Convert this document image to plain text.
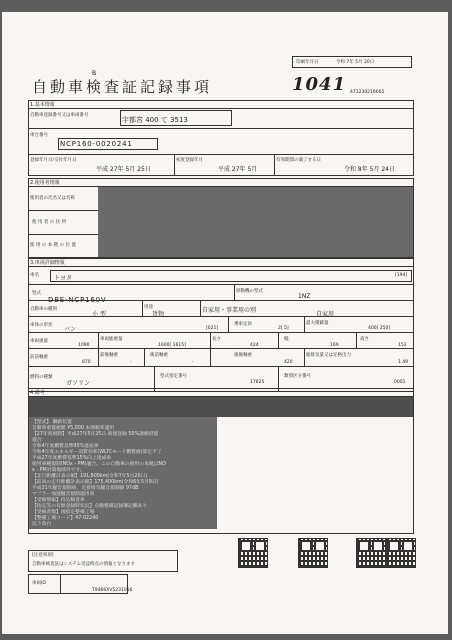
B
自動車検査証記録事項	1041
印刷年月日	令和 7年 5月 20日
471230216665
1.基本情報
自動車登録番号又は車両番号
宇都宮 400 て 3513
車台番号
NCP160-0020241
登録年月日/交付年月日
平成 27年 5月 25日
初度登録年月
平成 27年 5月
有効期間の満了する日
令和 8年 5月 24日
2.使用者情報
使用者の氏名又は名称
使 用 者 の 住 所
使 用 の 本 拠 の 位 置
3.車両詳細情報
車名	トヨタ	[194]
型式
DBE-NCP160V
原動機の型式
1NZ
自動車の種別
小 型
用途
貨物
自家用・事業用の別
自家用
車体の形状
バン	[021]
乗車定員
2[ 5]
最大積載量
400[ 250]
車両重量
1090
車両総重量
1600[ 1615]
長さ
424
幅
169
高さ
152
前前軸重
870
前後軸重
-
後前軸重
-
後後軸重
420
総排気量又は定格出力
1.49
燃料の種類
ガソリン
型式指定番号
17825
類別区分番号
0001
4.備考
【型式】 鋼鉄装置
自動車重量税額 ¥5,000 本則税率適用
【27年度税制】平成27年5月25日 新規登録 50%課税措置
適合
令和4年度燃費基準95%達成車
令和4年度エネルギー消費効率(WLTCモード燃費値)算定不了
平成27年度燃費基準15%向上達成車
使用車種規制(NOx・PM)適合。この自動車の使用の本拠はNO
x・PM対策地域外です。
【走行距離計表示値】191,800km(令和7年5月20日)
【前回の走行距離計表示値】175,400km(令和6年5月9日)
平成31年騒音規制車、近接排気騒音規制値 97dB
マフラー加速騒音規制適用車
【受検情報】持込検査車
【指定等の有無登録時状況】点検整備記録簿記載あり
【受検者数】国指定整備工場
【整備工場コード】47-02240
以下余白
[注意事項]
自動車検査証はシステム受益時点の情報となります
車両ID
T9466XV5231056
